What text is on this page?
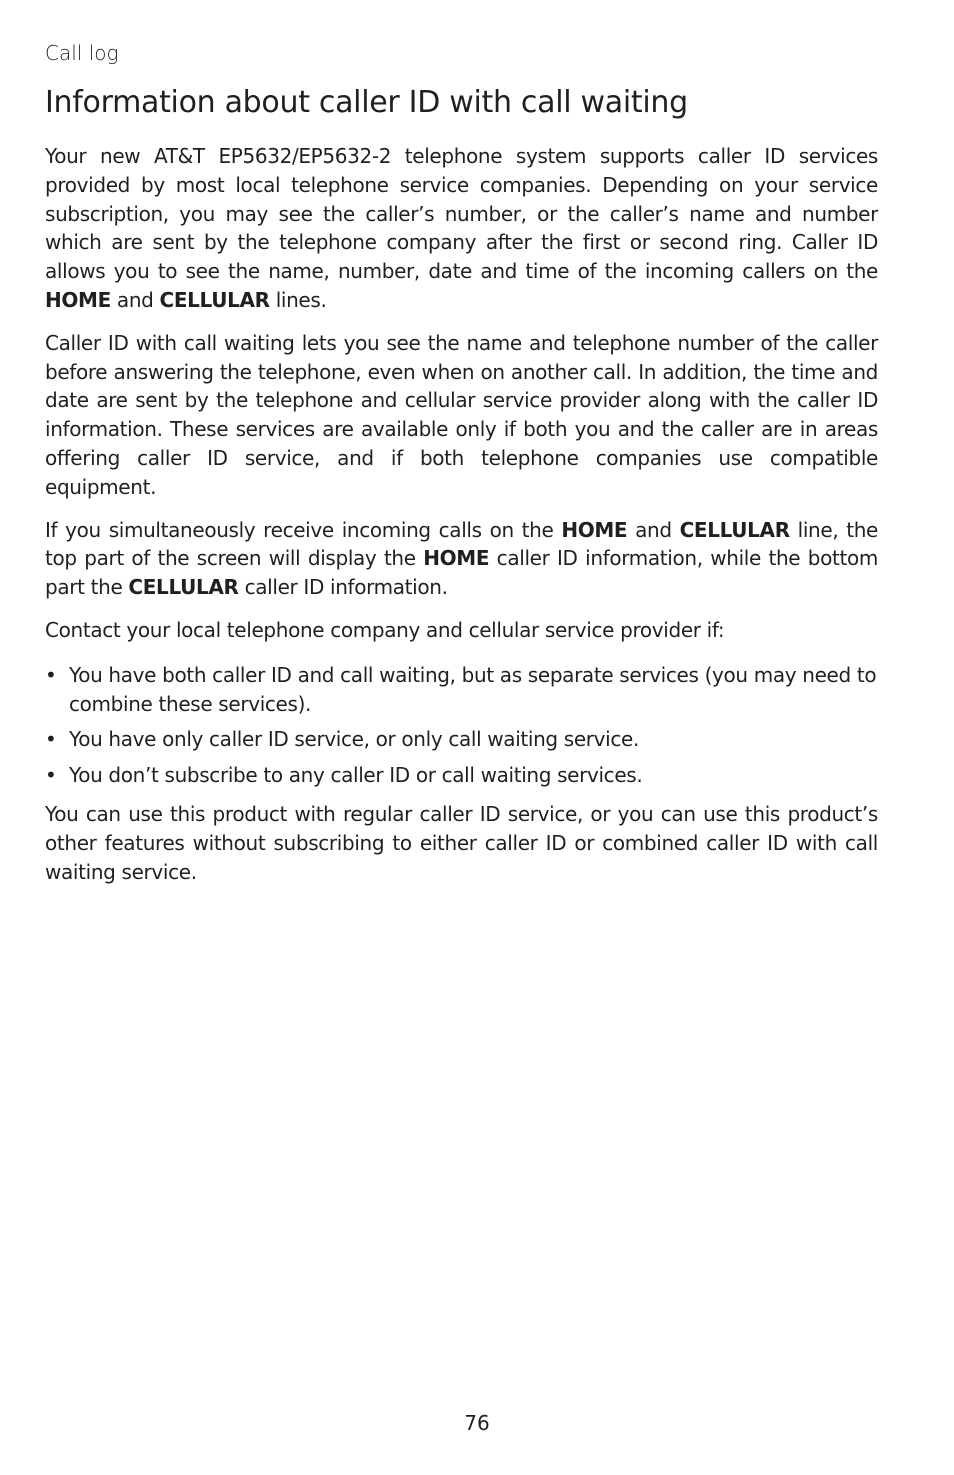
Call log
Information about caller ID with call waiting

Your new AT&T EP5632/EP5632-2 telephone system supports caller ID services provided by most local telephone service companies. Depending on your service subscription, you may see the caller’s number, or the caller’s name and number which are sent by the telephone company after the first or second ring. Caller ID allows you to see the name, number, date and time of the incoming callers on the HOME and CELLULAR lines.

Caller ID with call waiting lets you see the name and telephone number of the caller before answering the telephone, even when on another call. In addition, the time and date are sent by the telephone and cellular service provider along with the caller ID information. These services are available only if both you and the caller are in areas offering caller ID service, and if both telephone companies use compatible equipment.

If you simultaneously receive incoming calls on the HOME and CELLULAR line, the top part of the screen will display the HOME caller ID information, while the bottom part the CELLULAR caller ID information.

Contact your local telephone company and cellular service provider if:

• You have both caller ID and call waiting, but as separate services (you may need to combine these services).
• You have only caller ID service, or only call waiting service.
• You don’t subscribe to any caller ID or call waiting services.

You can use this product with regular caller ID service, or you can use this product’s other features without subscribing to either caller ID or combined caller ID with call waiting service.

76
